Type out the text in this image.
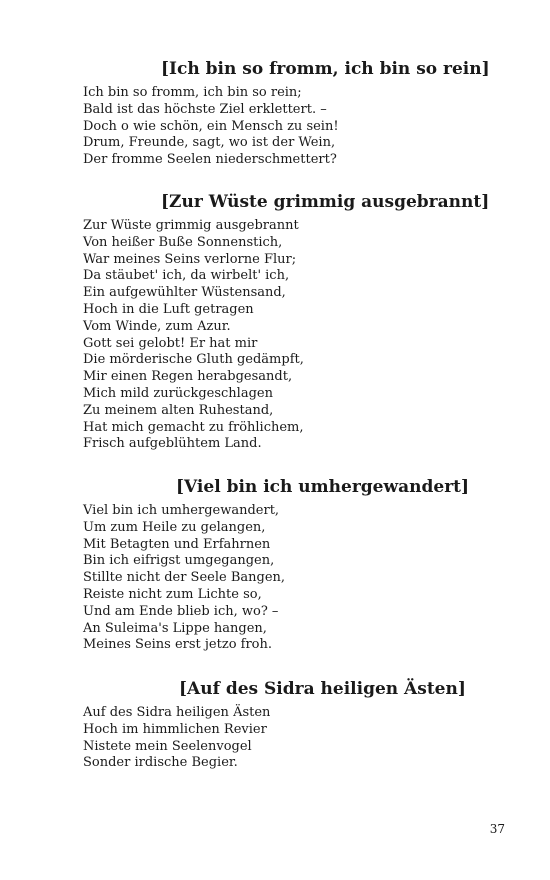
[Ich bin so fromm, ich bin so rein]
Ich bin so fromm, ich bin so rein;
Bald ist das höchste Ziel erklettert. –
Doch o wie schön, ein Mensch zu sein!
Drum, Freunde, sagt, wo ist der Wein,
Der fromme Seelen niederschmettert?
[Zur Wüste grimmig ausgebrannt]
Zur Wüste grimmig ausgebrannt
Von heißer Buße Sonnenstich,
War meines Seins verlorne Flur;
Da stäubet' ich, da wirbelt' ich,
Ein aufgewühlter Wüstensand,
Hoch in die Luft getragen
Vom Winde, zum Azur.
Gott sei gelobt! Er hat mir
Die mörderische Gluth gedämpft,
Mir einen Regen herabgesandt,
Mich mild zurückgeschlagen
Zu meinem alten Ruhestand,
Hat mich gemacht zu fröhlichem,
Frisch aufgeblühtem Land.
[Viel bin ich umhergewandert]
Viel bin ich umhergewandert,
Um zum Heile zu gelangen,
Mit Betagten und Erfahrnen
Bin ich eifrigst umgegangen,
Stillte nicht der Seele Bangen,
Reiste nicht zum Lichte so,
Und am Ende blieb ich, wo? –
An Suleima's Lippe hangen,
Meines Seins erst jetzo froh.
[Auf des Sidra heiligen Ästen]
Auf des Sidra heiligen Ästen
Hoch im himmlichen Revier
Nistete mein Seelenvogel
Sonder irdische Begier.
37
